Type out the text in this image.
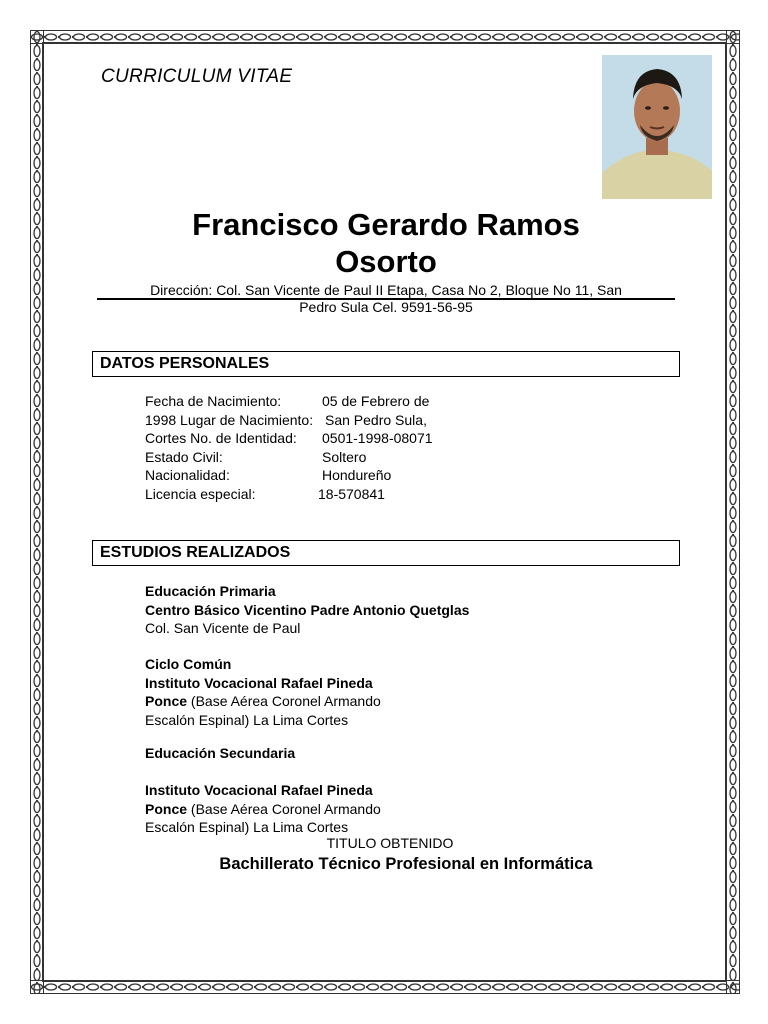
CURRICULUM VITAE
Francisco Gerardo Ramos
Osorto
Dirección: Col. San Vicente de Paul II Etapa, Casa No 2, Bloque No 11, San
Pedro Sula Cel. 9591-56-95
DATOS PERSONALES
Fecha de Nacimiento:	05 de Febrero de
1998 Lugar de Nacimiento: San Pedro Sula,
Cortes No. de Identidad: 0501-1998-08071
Estado Civil:	Soltero
Nacionalidad:	Hondureño
Licencia especial:	18-570841
ESTUDIOS REALIZADOS
Educación Primaria
Centro Básico Vicentino Padre Antonio Quetglas
Col. San Vicente de Paul
Ciclo Común
Instituto Vocacional Rafael Pineda
Ponce (Base Aérea Coronel Armando
Escalón Espinal) La Lima Cortes
Educación Secundaria
Instituto Vocacional Rafael Pineda
Ponce (Base Aérea Coronel Armando
Escalón Espinal) La Lima Cortes
TITULO OBTENIDO
Bachillerato Técnico Profesional en Informática
